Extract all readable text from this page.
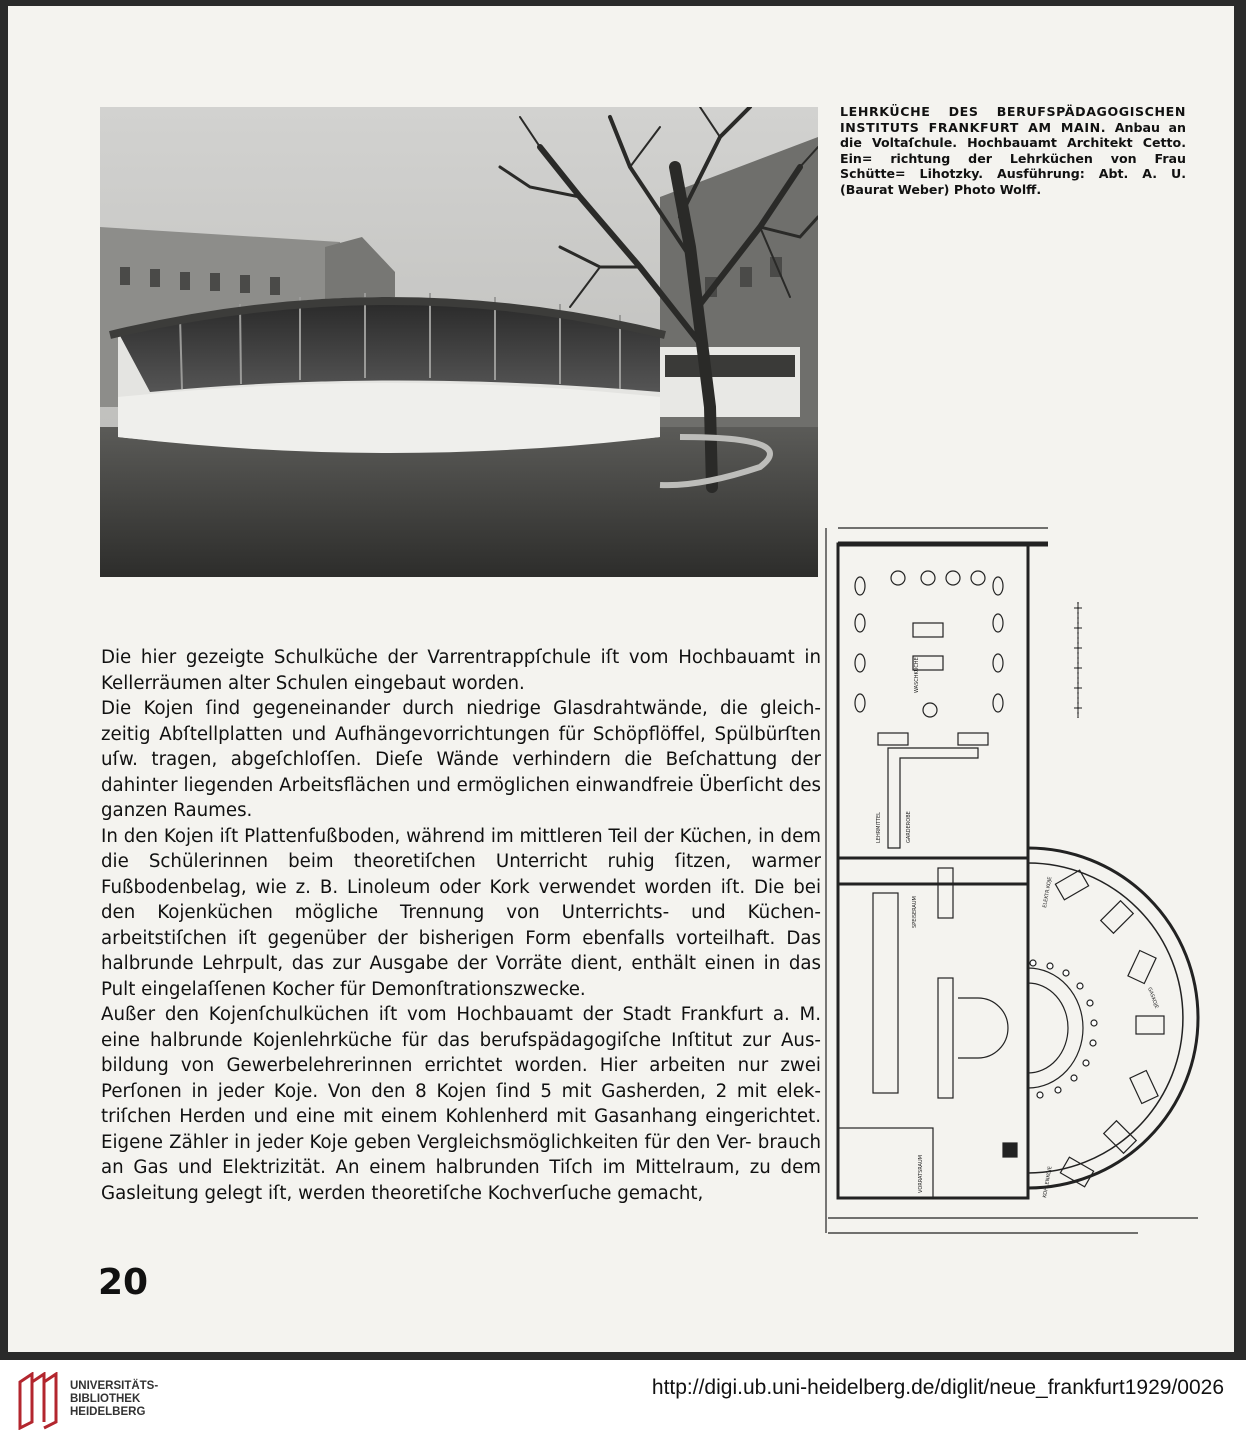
LEHRKÜCHE DES BERUFSPÄDAGOGISCHEN INSTITUTS FRANKFURT AM MAIN. Anbau an die Voltaſchule. Hochbauamt Architekt Cetto. Ein= richtung der Lehrküchen von Frau Schütte= Lihotzky. Ausführung: Abt. A. U. (Baurat Weber) Photo Wolff.

Die hier gezeigte Schulküche der Varrentrappſchule iſt vom Hochbauamt in Kellerräumen alter Schulen eingebaut worden.

Die Kojen ſind gegeneinander durch niedrige Glasdrahtwände, die gleich- zeitig Abſtellplatten und Aufhängevorrichtungen für Schöpflöffel, Spülbürſten uſw. tragen, abgeſchloſſen. Dieſe Wände verhindern die Beſchattung der dahinter liegenden Arbeitsflächen und ermöglichen einwandfreie Überſicht des ganzen Raumes.

In den Kojen iſt Plattenfußboden, während im mittleren Teil der Küchen, in dem die Schülerinnen beim theoretiſchen Unterricht ruhig ſitzen, warmer Fußbodenbelag, wie z. B. Linoleum oder Kork verwendet worden iſt. Die bei den Kojenküchen mögliche Trennung von Unterrichts- und Küchen- arbeitstiſchen iſt gegenüber der bisherigen Form ebenfalls vorteilhaft. Das halbrunde Lehrpult, das zur Ausgabe der Vorräte dient, enthält einen in das Pult eingelaſſenen Kocher für Demonſtrationszwecke.

Außer den Kojenſchulküchen iſt vom Hochbauamt der Stadt Frankfurt a. M. eine halbrunde Kojenlehrküche für das berufspädagogiſche Inſtitut zur Aus- bildung von Gewerbelehrerinnen errichtet worden. Hier arbeiten nur zwei Perſonen in jeder Koje. Von den 8 Kojen ſind 5 mit Gasherden, 2 mit elek- triſchen Herden und eine mit einem Kohlenherd mit Gasanhang eingerichtet. Eigene Zähler in jeder Koje geben Vergleichsmöglichkeiten für den Ver- brauch an Gas und Elektrizität. An einem halbrunden Tiſch im Mittelraum, zu dem Gasleitung gelegt iſt, werden theoretiſche Kochverſuche gemacht,

WASCHKÜCHE
GARDEROBE
LEHRMITTEL
SPEISERAUM
VORRATSRAUM
ELEKTR.KOJE
GASKOJE
KOHLENKOJE
20
UNIVERSITÄTS-
BIBLIOTHEK
HEIDELBERG
http://digi.ub.uni-heidelberg.de/diglit/neue_frankfurt1929/0026
